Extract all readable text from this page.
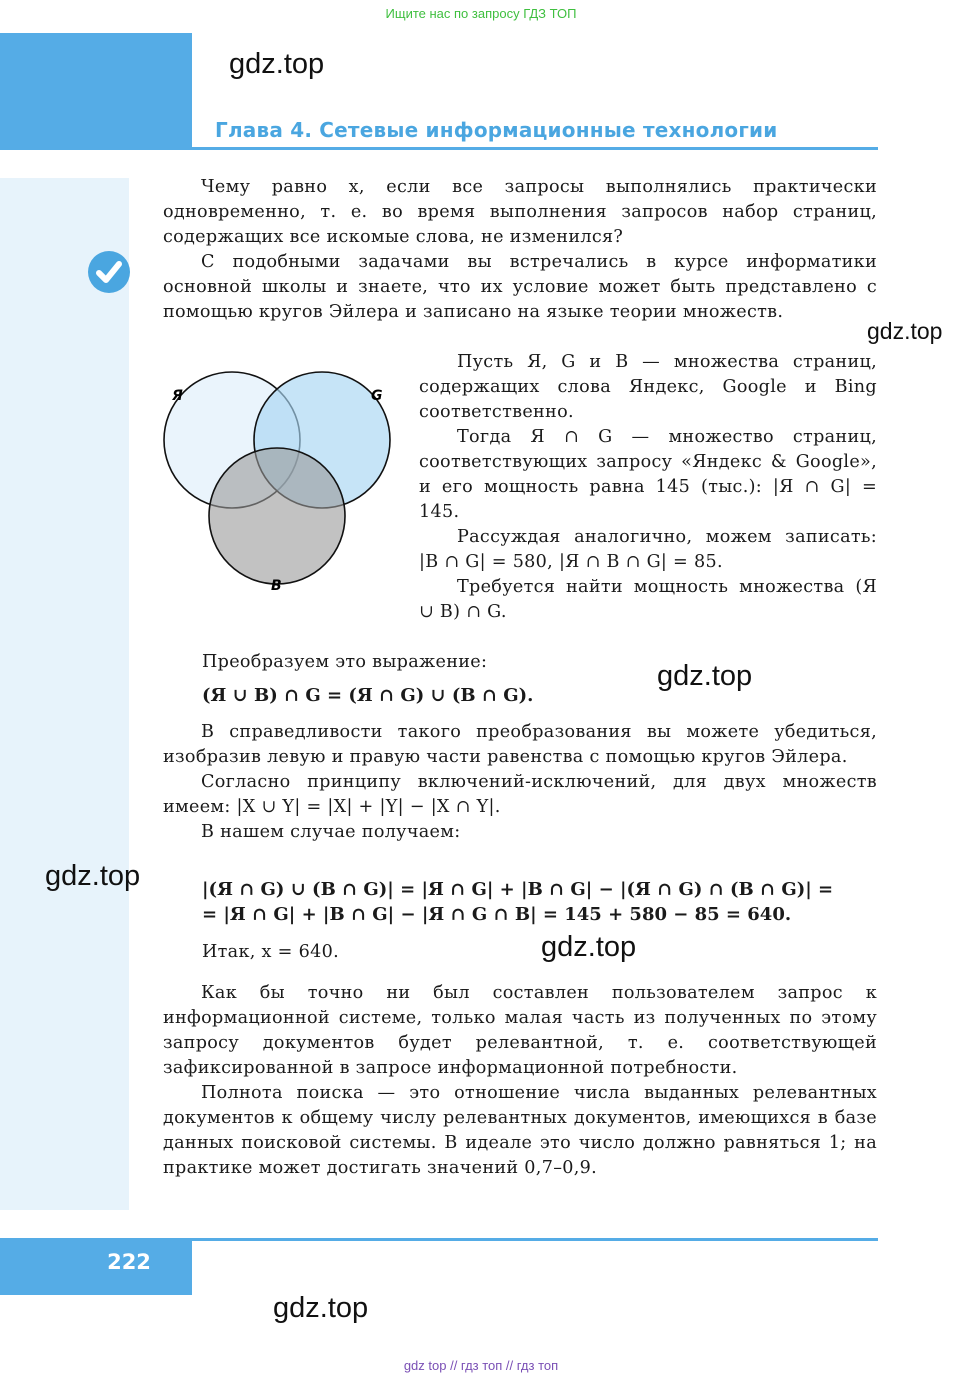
Ищите нас по запросу ГДЗ ТОП
gdz.top
Глава 4. Сетевые информационные технологии

Чему равно x, если все запросы выполнялись практически одновременно, т. е. во время выполнения запросов набор страниц, содержащих все искомые слова, не изменился?

С подобными задачами вы встречались в курсе информатики основной школы и знаете, что их условие может быть представлено с помощью кругов Эйлера и записано на языке теории множеств.

gdz.top
Я	G
B

Пусть Я, G и B — множества страниц, содержащих слова Яндекс, Google и Bing соответственно.

Тогда Я ∩ G — множество страниц, соответствующих запросу «Яндекс & Google», и его мощность равна 145 (тыс.): |Я ∩ G| = 145.

Рассуждая аналогично, можем записать: |B ∩ G| = 580, |Я ∩ B ∩ G| = 85.

Требуется найти мощность множества (Я ∪ B) ∩ G.

Преобразуем это выражение:
(Я ∪ B) ∩ G = (Я ∩ G) ∪ (B ∩ G).
gdz.top

В справедливости такого преобразования вы можете убедиться, изобразив левую и правую части равенства с помощью кругов Эйлера.

Согласно принципу включений-исключений, для двух множеств имеем: |X ∪ Y| = |X| + |Y| − |X ∩ Y|.

В нашем случае получаем:

gdz.top	|(Я ∩ G) ∪ (B ∩ G)| = |Я ∩ G| + |B ∩ G| − |(Я ∩ G) ∩ (B ∩ G)| =
= |Я ∩ G| + |B ∩ G| − |Я ∩ G ∩ B| = 145 + 580 − 85 = 640.
Итак, x = 640.	gdz.top

Как бы точно ни был составлен пользователем запрос к информационной системе, только малая часть из полученных по этому запросу документов будет релевантной, т. е. соответствующей зафиксированной в запросе информационной потребности.

Полнота поиска — это отношение числа выданных релевантных документов к общему числу релевантных документов, имеющихся в базе данных поисковой системы. В идеале это число должно равняться 1; на практике может достигать значений 0,7–0,9.

222
gdz.top
gdz top // гдз топ // гдз топ
